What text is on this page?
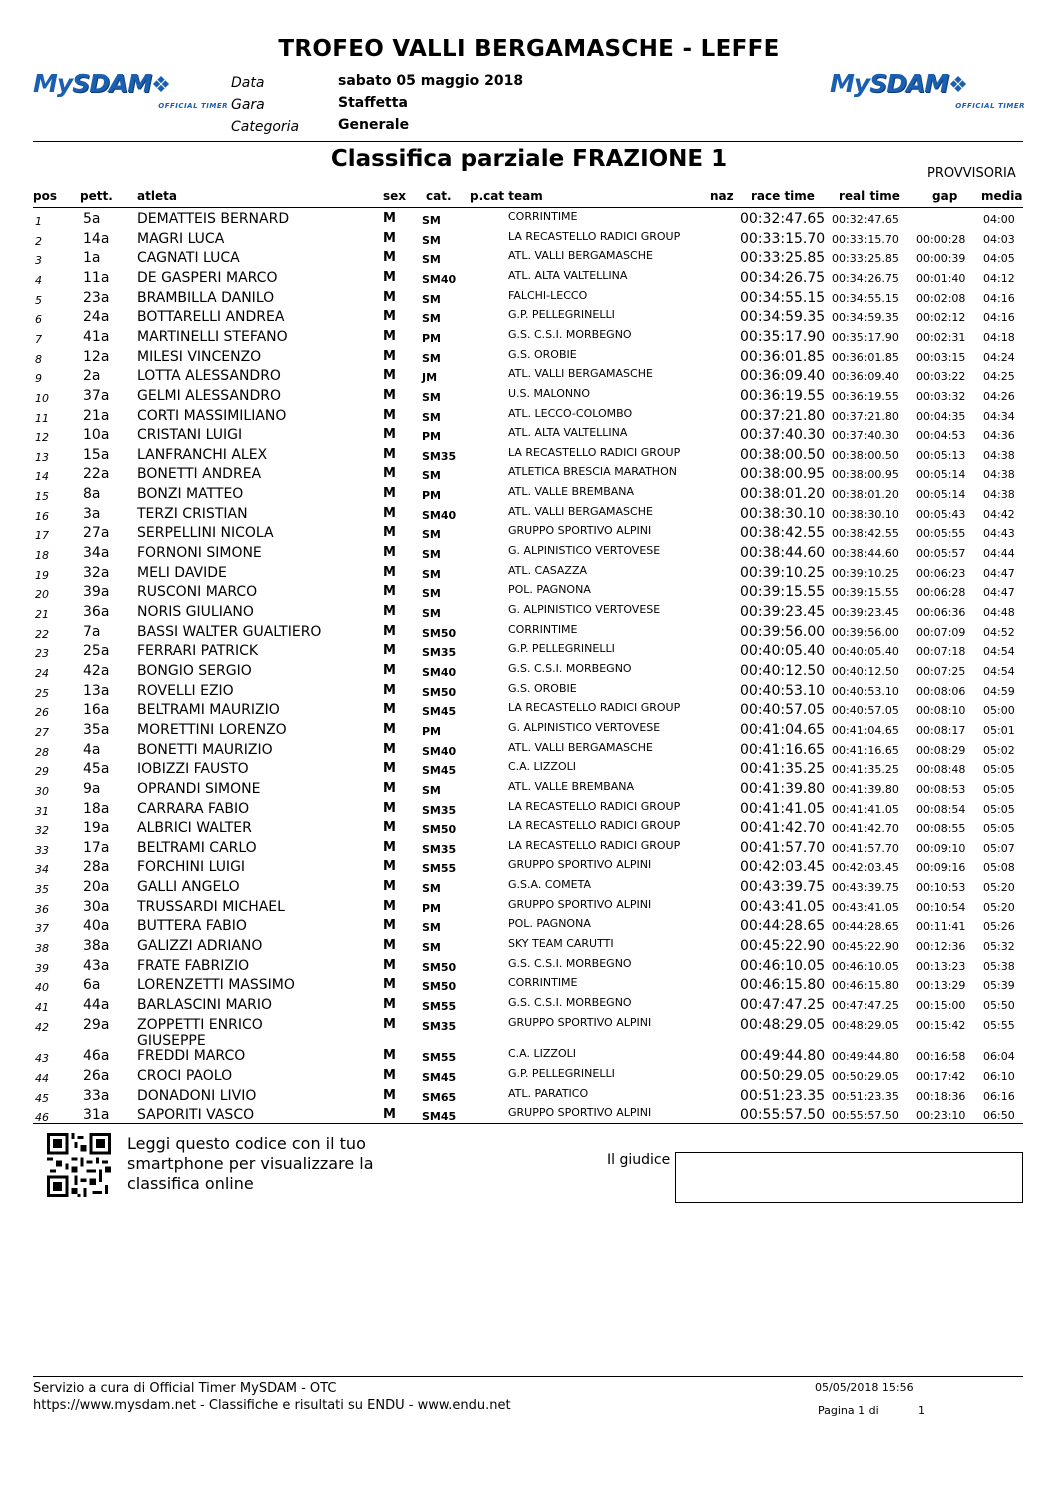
MySDAM❖
OFFICIAL TIMER
MySDAM❖
OFFICIAL TIMER
TROFEO VALLI BERGAMASCHE - LEFFE
Data	sabato 05 maggio 2018
Gara	Staffetta
Categoria	Generale
Classifica parziale FRAZIONE 1
PROVVISORIA
pos pett. atleta	sex cat. p.cat team	naz race time real time	gap media
1	5a	DEMATTEIS BERNARD	M SM	CORRINTIME	00:32:47.65 00:32:47.65	04:00
2	14a MAGRI LUCA	M SM	LA RECASTELLO RADICI GROUP	00:33:15.70 00:33:15.70 00:00:28 04:03
3	1a	CAGNATI LUCA	M SM	ATL. VALLI BERGAMASCHE	00:33:25.85 00:33:25.85 00:00:39 04:05
4	11a DE GASPERI MARCO	M SM40	ATL. ALTA VALTELLINA	00:34:26.75 00:34:26.75 00:01:40 04:12
5	23a BRAMBILLA DANILO	M SM	FALCHI-LECCO	00:34:55.15 00:34:55.15 00:02:08 04:16
6	24a BOTTARELLI ANDREA	M SM	G.P. PELLEGRINELLI	00:34:59.35 00:34:59.35 00:02:12 04:16
7	41a MARTINELLI STEFANO	M PM	G.S. C.S.I. MORBEGNO	00:35:17.90 00:35:17.90 00:02:31 04:18
8	12a MILESI VINCENZO	M SM	G.S. OROBIE	00:36:01.85 00:36:01.85 00:03:15 04:24
9	2a	LOTTA ALESSANDRO	M JM	ATL. VALLI BERGAMASCHE	00:36:09.40 00:36:09.40 00:03:22 04:25
10 37a GELMI ALESSANDRO	M SM	U.S. MALONNO	00:36:19.55 00:36:19.55 00:03:32 04:26
11 21a CORTI MASSIMILIANO	M SM	ATL. LECCO-COLOMBO	00:37:21.80 00:37:21.80 00:04:35 04:34
12 10a CRISTANI LUIGI	M PM	ATL. ALTA VALTELLINA	00:37:40.30 00:37:40.30 00:04:53 04:36
13 15a LANFRANCHI ALEX	M SM35	LA RECASTELLO RADICI GROUP	00:38:00.50 00:38:00.50 00:05:13 04:38
14 22a BONETTI ANDREA	M SM	ATLETICA BRESCIA MARATHON	00:38:00.95 00:38:00.95 00:05:14 04:38
15 8a	BONZI MATTEO	M PM	ATL. VALLE BREMBANA	00:38:01.20 00:38:01.20 00:05:14 04:38
16 3a	TERZI CRISTIAN	M SM40	ATL. VALLI BERGAMASCHE	00:38:30.10 00:38:30.10 00:05:43 04:42
17 27a SERPELLINI NICOLA	M SM	GRUPPO SPORTIVO ALPINI	00:38:42.55 00:38:42.55 00:05:55 04:43
18 34a FORNONI SIMONE	M SM	G. ALPINISTICO VERTOVESE	00:38:44.60 00:38:44.60 00:05:57 04:44
19 32a MELI DAVIDE	M SM	ATL. CASAZZA	00:39:10.25 00:39:10.25 00:06:23 04:47
20 39a RUSCONI MARCO	M SM	POL. PAGNONA	00:39:15.55 00:39:15.55 00:06:28 04:47
21 36a NORIS GIULIANO	M SM	G. ALPINISTICO VERTOVESE	00:39:23.45 00:39:23.45 00:06:36 04:48
22 7a	BASSI WALTER GUALTIERO	M SM50	CORRINTIME	00:39:56.00 00:39:56.00 00:07:09 04:52
23 25a FERRARI PATRICK	M SM35	G.P. PELLEGRINELLI	00:40:05.40 00:40:05.40 00:07:18 04:54
24 42a BONGIO SERGIO	M SM40	G.S. C.S.I. MORBEGNO	00:40:12.50 00:40:12.50 00:07:25 04:54
25 13a ROVELLI EZIO	M SM50	G.S. OROBIE	00:40:53.10 00:40:53.10 00:08:06 04:59
26 16a BELTRAMI MAURIZIO	M SM45	LA RECASTELLO RADICI GROUP	00:40:57.05 00:40:57.05 00:08:10 05:00
27 35a MORETTINI LORENZO	M PM	G. ALPINISTICO VERTOVESE	00:41:04.65 00:41:04.65 00:08:17 05:01
28 4a	BONETTI MAURIZIO	M SM40	ATL. VALLI BERGAMASCHE	00:41:16.65 00:41:16.65 00:08:29 05:02
29 45a IOBIZZI FAUSTO	M SM45	C.A. LIZZOLI	00:41:35.25 00:41:35.25 00:08:48 05:05
30 9a	OPRANDI SIMONE	M SM	ATL. VALLE BREMBANA	00:41:39.80 00:41:39.80 00:08:53 05:05
31 18a CARRARA FABIO	M SM35	LA RECASTELLO RADICI GROUP	00:41:41.05 00:41:41.05 00:08:54 05:05
32 19a ALBRICI WALTER	M SM50	LA RECASTELLO RADICI GROUP	00:41:42.70 00:41:42.70 00:08:55 05:05
33 17a BELTRAMI CARLO	M SM35	LA RECASTELLO RADICI GROUP	00:41:57.70 00:41:57.70 00:09:10 05:07
34 28a FORCHINI LUIGI	M SM55	GRUPPO SPORTIVO ALPINI	00:42:03.45 00:42:03.45 00:09:16 05:08
35 20a GALLI ANGELO	M SM	G.S.A. COMETA	00:43:39.75 00:43:39.75 00:10:53 05:20
36 30a TRUSSARDI MICHAEL	M PM	GRUPPO SPORTIVO ALPINI	00:43:41.05 00:43:41.05 00:10:54 05:20
37 40a BUTTERA FABIO	M SM	POL. PAGNONA	00:44:28.65 00:44:28.65 00:11:41 05:26
38 38a GALIZZI ADRIANO	M SM	SKY TEAM CARUTTI	00:45:22.90 00:45:22.90 00:12:36 05:32
39 43a FRATE FABRIZIO	M SM50	G.S. C.S.I. MORBEGNO	00:46:10.05 00:46:10.05 00:13:23 05:38
40 6a	LORENZETTI MASSIMO	M SM50	CORRINTIME	00:46:15.80 00:46:15.80 00:13:29 05:39
41 44a BARLASCINI MARIO	M SM55	G.S. C.S.I. MORBEGNO	00:47:47.25 00:47:47.25 00:15:00 05:50
42 29a ZOPPETTI ENRICO	M SM35	GRUPPO SPORTIVO ALPINI	00:48:29.05 00:48:29.05 00:15:42 05:55
GIUSEPPE
43 46a FREDDI MARCO	M SM55	C.A. LIZZOLI	00:49:44.80 00:49:44.80 00:16:58 06:04
44 26a CROCI PAOLO	M SM45	G.P. PELLEGRINELLI	00:50:29.05 00:50:29.05 00:17:42 06:10
45 33a DONADONI LIVIO	M SM65	ATL. PARATICO	00:51:23.35 00:51:23.35 00:18:36 06:16
46 31a SAPORITI VASCO	M SM45	GRUPPO SPORTIVO ALPINI	00:55:57.50 00:55:57.50 00:23:10 06:50
Leggi questo codice con il tuo
smartphone per visualizzare la
classifica online
Il giudice
Servizio a cura di Official Timer MySDAM - OTC
https://www.mysdam.net - Classifiche e risultati su ENDU - www.endu.net
05/05/2018 15:56
Pagina 1 di	1
